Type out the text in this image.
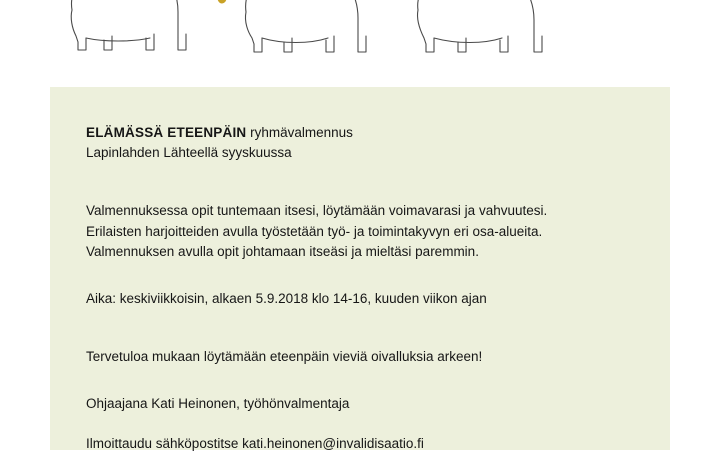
ELÄMÄSSÄ ETEENPÄIN ryhmävalmennus

Lapinlahden Lähteellä syyskuussa

Valmennuksessa opit tuntemaan itsesi, löytämään voimavarasi ja vahvuutesi.
Erilaisten harjoitteiden avulla työstetään työ- ja toimintakyvyn eri osa-alueita.
Valmennuksen avulla opit johtamaan itseäsi ja mieltäsi paremmin.

Aika: keskiviikkoisin, alkaen 5.9.2018 klo 14-16, kuuden viikon ajan

Tervetuloa mukaan löytämään eteenpäin vieviä oivalluksia arkeen!

Ohjaajana Kati Heinonen, työhönvalmentaja

Ilmoittaudu sähköpostitse kati.heinonen@invalidisaatio.fi
